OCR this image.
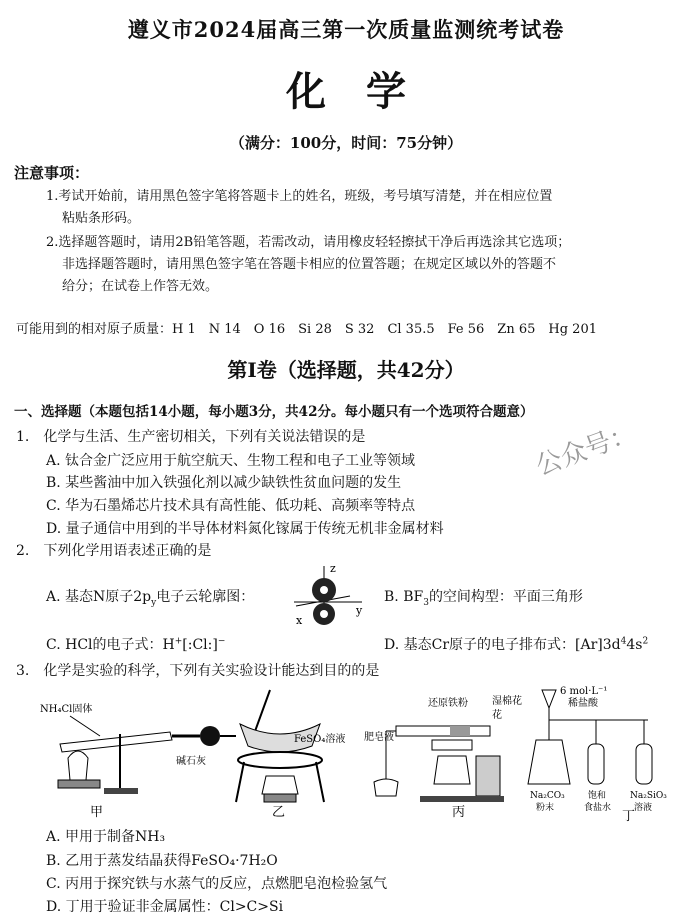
遵义市2024届高三第一次质量监测统考试卷
化学
（满分：100分，时间：75分钟）
注意事项：
1.考试开始前，请用黑色签字笔将答题卡上的姓名，班级，考号填写清楚，并在相应位置
粘贴条形码。
2.选择题答题时，请用2B铅笔答题，若需改动，请用橡皮轻轻擦拭干净后再选涂其它选项；
非选择题答题时，请用黑色签字笔在答题卡相应的位置答题；在规定区域以外的答题不
给分；在试卷上作答无效。
可能用到的相对原子质量：H 1　N 14　O 16　Si 28　S 32　Cl 35.5　Fe 56　Zn 65　Hg 201
第Ⅰ卷（选择题，共42分）
一、选择题（本题包括14小题，每小题3分，共42分。每小题只有一个选项符合题意）
公众号：
1.　化学与生活、生产密切相关，下列有关说法错误的是
A. 钛合金广泛应用于航空航天、生物工程和电子工业等领域
B. 某些酱油中加入铁强化剂以减少缺铁性贫血问题的发生
C. 华为石墨烯芯片技术具有高性能、低功耗、高频率等特点
D. 量子通信中用到的半导体材料氮化镓属于传统无机非金属材料
2.　下列化学用语表述正确的是
A. 基态N原子$2p_y$电子云轮廓图：
z
y
x
B. $BF_3$的空间构型：平面三角形
C. HCl的电子式：H+[:Cl:]−	D. 基态Cr原子的电子排布式：$[Ar]3d^44s^2$
3.　化学是实验的科学，下列有关实验设计能达到目的的是
NH₄Cl固体
碱石灰
甲
FeSO₄溶液
乙
还原铁粉 湿棉花
花
肥皂液
丙
6 mol·L⁻¹
稀盐酸
Na₂CO₃
粉末
饱和
食盐水
Na₂SiO₃
溶液
丁
A. 甲用于制备NH₃
B. 乙用于蒸发结晶获得FeSO₄·7H₂O
C. 丙用于探究铁与水蒸气的反应，点燃肥皂泡检验氢气
D. 丁用于验证非金属属性：Cl>C>Si
